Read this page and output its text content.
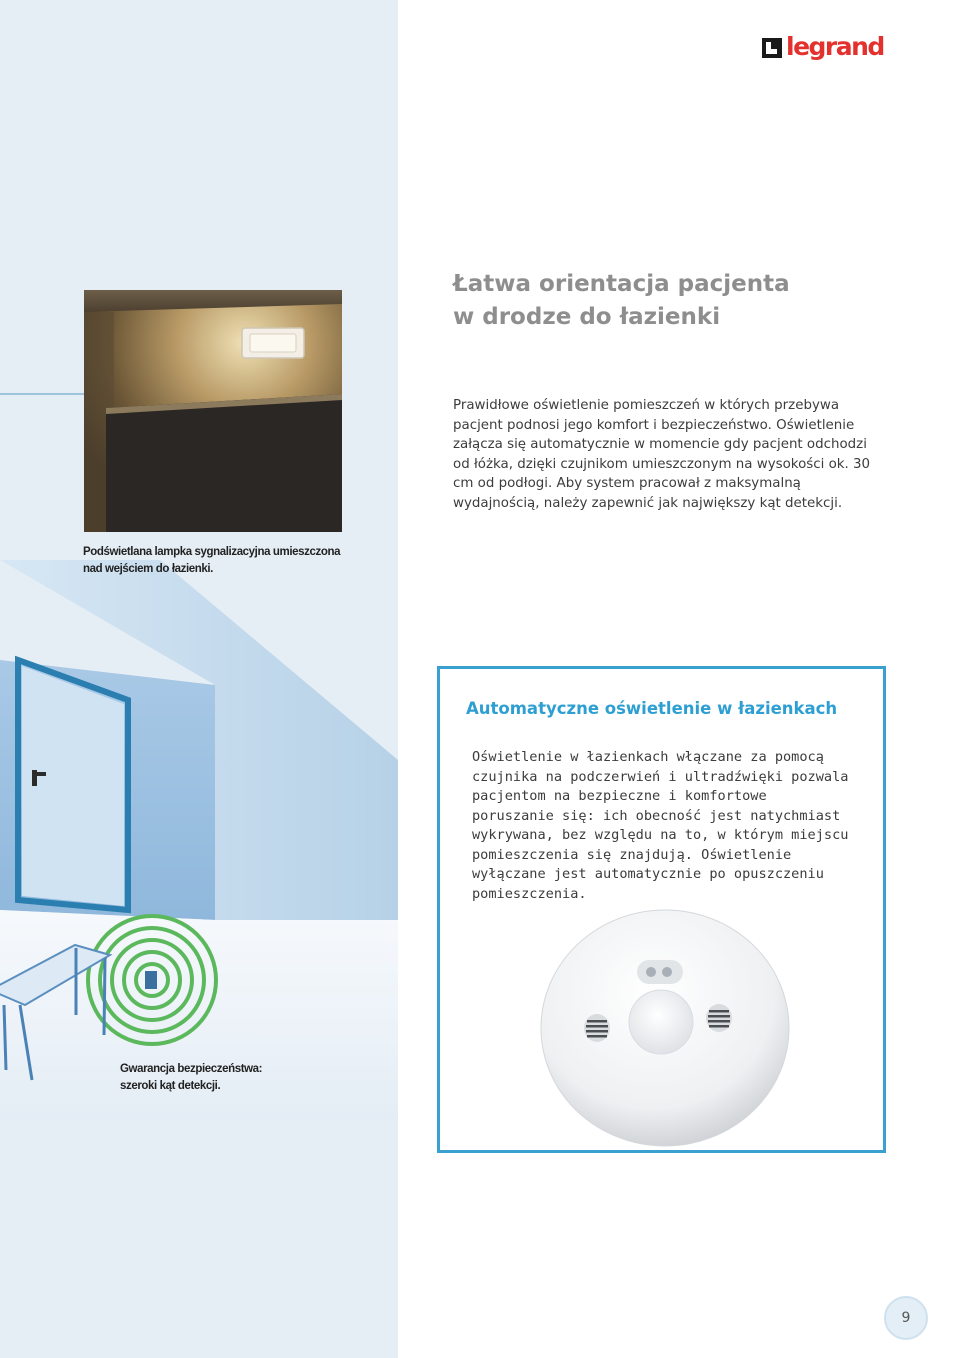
Podświetlana lampka sygnalizacyjna umieszczona nad wejściem do łazienki.
Gwarancja bezpieczeństwa:
szeroki kąt detekcji.
legrand
Łatwa orientacja pacjenta
w drodze do łazienki

Prawidłowe oświetlenie pomieszczeń w których przebywa pacjent podnosi jego komfort i bezpieczeństwo. Oświetlenie załącza się automatycznie w momencie gdy pacjent odchodzi od łóżka, dzięki czujnikom umieszczonym na wysokości ok. 30 cm od podłogi. Aby system pracował z maksymalną wydajnością, należy zapewnić jak największy kąt detekcji.

Automatyczne oświetlenie w łazienkach

Oświetlenie w łazienkach włączane za pomocą czujnika na podczerwień i ultradźwięki pozwala pacjentom na bezpieczne i komfortowe poruszanie się: ich obecność jest natychmiast wykrywana, bez względu na to, w którym miejscu pomieszczenia się znajdują. Oświetlenie wyłączane jest automatycznie po opuszczeniu pomieszczenia.

9
